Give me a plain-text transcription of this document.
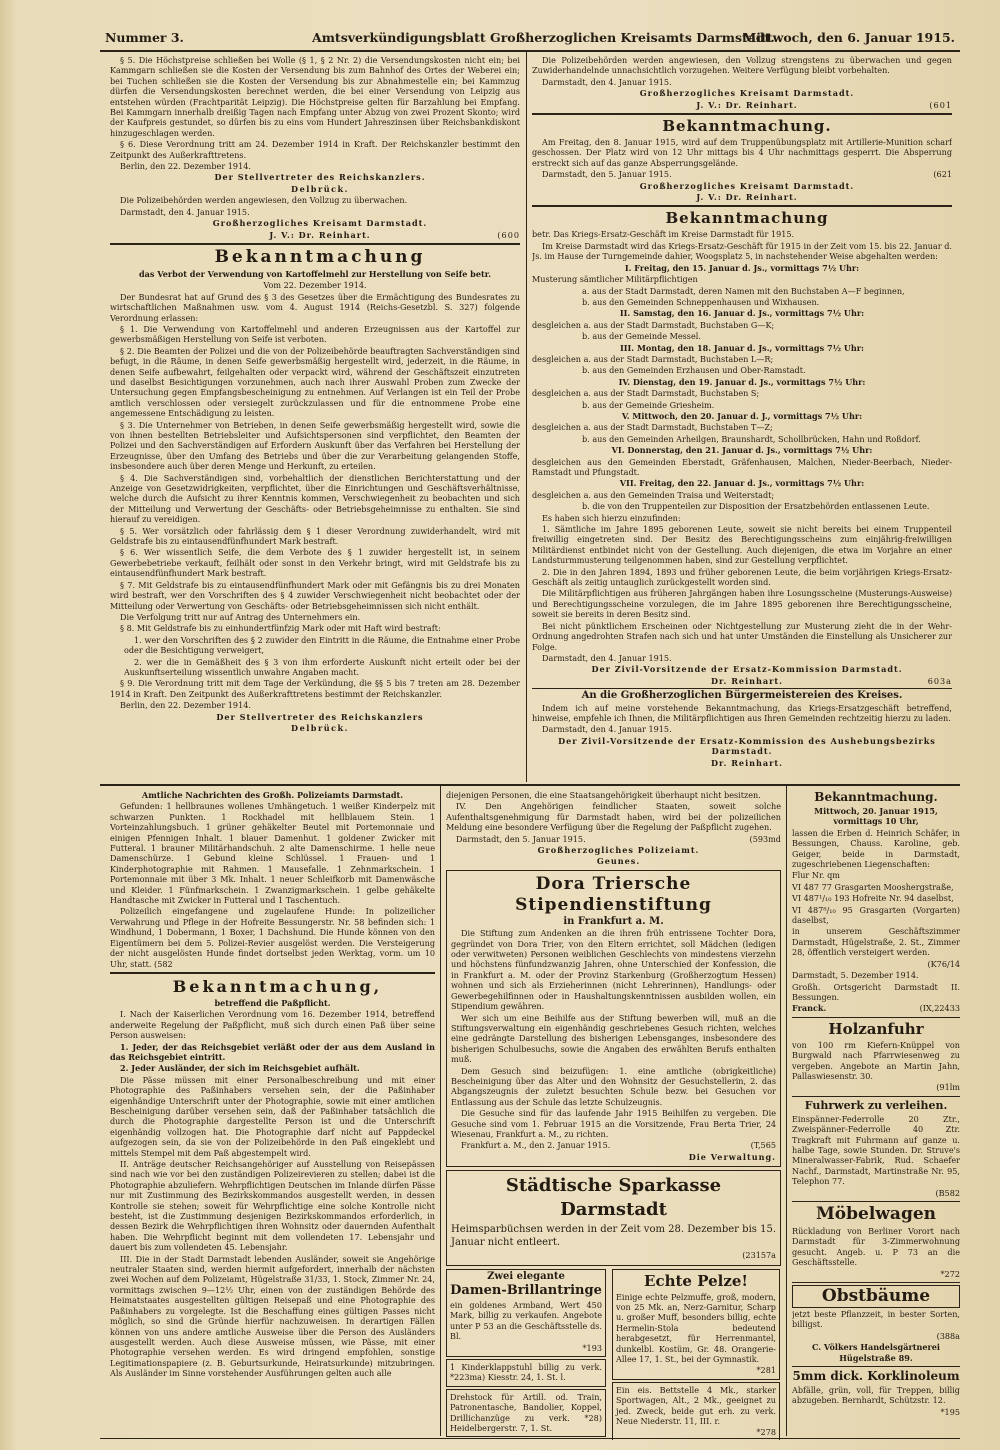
Nummer 3.	Amtsverkündigungsblatt Großherzoglichen Kreisamts Darmstadt.
Mittwoch, den 6. Januar 1915.

§ 5. Die Höchstpreise schließen bei Wolle (§ 1, § 2 Nr. 2) die Versendungskosten nicht ein; bei Kammgarn schließen sie die Kosten der Versendung bis zum Bahnhof des Ortes der Weberei ein; bei Tuchen schließen sie die Kosten der Versendung bis zur Abnahmestelle ein; bei Kammzug dürfen die Versendungskosten berechnet werden, die bei einer Versendung von Leipzig aus entstehen würden (Frachtparität Leipzig). Die Höchstpreise gelten für Barzahlung bei Empfang. Bei Kammgarn innerhalb dreißig Tagen nach Empfang unter Abzug von zwei Prozent Skonto; wird der Kaufpreis gestundet, so dürfen bis zu eins vom Hundert Jahreszinsen über Reichsbankdiskont hinzugeschlagen werden.

§ 6. Diese Verordnung tritt am 24. Dezember 1914 in Kraft. Der Reichskanzler bestimmt den Zeitpunkt des Außerkrafttretens.

Berlin, den 22. Dezember 1914.

Der Stellvertreter des Reichskanzlers.

Delbrück.

Die Polizeibehörden werden angewiesen, den Vollzug zu überwachen.

Darmstadt, den 4. Januar 1915.

Großherzogliches Kreisamt Darmstadt.

J. V.: Dr. Reinhart.	(600

Bekanntmachung

das Verbot der Verwendung von Kartoffelmehl zur Herstellung von Seife betr.

Vom 22. Dezember 1914.

Der Bundesrat hat auf Grund des § 3 des Gesetzes über die Ermächtigung des Bundesrates zu wirtschaftlichen Maßnahmen usw. vom 4. August 1914 (Reichs-Gesetzbl. S. 327) folgende Verordnung erlassen:

§ 1. Die Verwendung von Kartoffelmehl und anderen Erzeugnissen aus der Kartoffel zur gewerbsmäßigen Herstellung von Seife ist verboten.

§ 2. Die Beamten der Polizei und die von der Polizeibehörde beauftragten Sachverständigen sind befugt, in die Räume, in denen Seife gewerbsmäßig hergestellt wird, jederzeit, in die Räume, in denen Seife aufbewahrt, feilgehalten oder verpackt wird, während der Geschäftszeit einzutreten und daselbst Besichtigungen vorzunehmen, auch nach ihrer Auswahl Proben zum Zwecke der Untersuchung gegen Empfangsbescheinigung zu entnehmen. Auf Verlangen ist ein Teil der Probe amtlich verschlossen oder versiegelt zurückzulassen und für die entnommene Probe eine angemessene Entschädigung zu leisten.

§ 3. Die Unternehmer von Betrieben, in denen Seife gewerbsmäßig hergestellt wird, sowie die von ihnen bestellten Betriebsleiter und Aufsichtspersonen sind verpflichtet, den Beamten der Polizei und den Sachverständigen auf Erfordern Auskunft über das Verfahren bei Herstellung der Erzeugnisse, über den Umfang des Betriebs und über die zur Verarbeitung gelangenden Stoffe, insbesondere auch über deren Menge und Herkunft, zu erteilen.

§ 4. Die Sachverständigen sind, vorbehaltlich der dienstlichen Berichterstattung und der Anzeige von Gesetzwidrigkeiten, verpflichtet, über die Einrichtungen und Geschäftsverhältnisse, welche durch die Aufsicht zu ihrer Kenntnis kommen, Verschwiegenheit zu beobachten und sich der Mitteilung und Verwertung der Geschäfts- oder Betriebsgeheimnisse zu enthalten. Sie sind hierauf zu vereidigen.

§ 5. Wer vorsätzlich oder fahrlässig dem § 1 dieser Verordnung zuwiderhandelt, wird mit Geldstrafe bis zu eintausendfünfhundert Mark bestraft.

§ 6. Wer wissentlich Seife, die dem Verbote des § 1 zuwider hergestellt ist, in seinem Gewerbebetriebe verkauft, feilhält oder sonst in den Verkehr bringt, wird mit Geldstrafe bis zu eintausendfünfhundert Mark bestraft.

§ 7. Mit Geldstrafe bis zu eintausendfünfhundert Mark oder mit Gefängnis bis zu drei Monaten wird bestraft, wer den Vorschriften des § 4 zuwider Verschwiegenheit nicht beobachtet oder der Mitteilung oder Verwertung von Geschäfts- oder Betriebsgeheimnissen sich nicht enthält.

Die Verfolgung tritt nur auf Antrag des Unternehmers ein.

§ 8. Mit Geldstrafe bis zu einhundertfünfzig Mark oder mit Haft wird bestraft:

1. wer den Vorschriften des § 2 zuwider den Eintritt in die Räume, die Entnahme einer Probe oder die Besichtigung verweigert,

2. wer die in Gemäßheit des § 3 von ihm erforderte Auskunft nicht erteilt oder bei der Auskunftserteilung wissentlich unwahre Angaben macht.

§ 9. Die Verordnung tritt mit dem Tage der Verkündung, die §§ 5 bis 7 treten am 28. Dezember 1914 in Kraft. Den Zeitpunkt des Außerkrafttretens bestimmt der Reichskanzler.

Berlin, den 22. Dezember 1914.

Der Stellvertreter des Reichskanzlers

Delbrück.

Die Polizeibehörden werden angewiesen, den Vollzug strengstens zu überwachen und gegen Zuwiderhandelnde unnachsichtlich vorzugehen. Weitere Verfügung bleibt vorbehalten.

Darmstadt, den 4. Januar 1915.

Großherzogliches Kreisamt Darmstadt.

J. V.: Dr. Reinhart.	(601

Bekanntmachung.

Am Freitag, den 8. Januar 1915, wird auf dem Truppenübungsplatz mit Artillerie-Munition scharf geschossen. Der Platz wird von 12 Uhr mittags bis 4 Uhr nachmittags gesperrt. Die Absperrung erstreckt sich auf das ganze Absperrungsgelände.

Darmstadt, den 5. Januar 1915.	(621

Großherzogliches Kreisamt Darmstadt.

J. V.: Dr. Reinhart.

Bekanntmachung

betr. Das Kriegs-Ersatz-Geschäft im Kreise Darmstadt für 1915.

Im Kreise Darmstadt wird das Kriegs-Ersatz-Geschäft für 1915 in der Zeit vom 15. bis 22. Januar d. Js. im Hause der Turngemeinde dahier, Woogsplatz 5, in nachstehender Weise abgehalten werden:

I. Freitag, den 15. Januar d. Js., vormittags 7½ Uhr:

Musterung sämtlicher Militärpflichtigen

a. aus der Stadt Darmstadt, deren Namen mit den Buchstaben A—F beginnen,

b. aus den Gemeinden Schneppenhausen und Wixhausen.

II. Samstag, den 16. Januar d. Js., vormittags 7½ Uhr:

desgleichen a. aus der Stadt Darmstadt, Buchstaben G—K;

b. aus der Gemeinde Messel.

III. Montag, den 18. Januar d. Js., vormittags 7½ Uhr:

desgleichen a. aus der Stadt Darmstadt, Buchstaben L—R;

b. aus den Gemeinden Erzhausen und Ober-Ramstadt.

IV. Dienstag, den 19. Januar d. Js., vormittags 7½ Uhr:

desgleichen a. aus der Stadt Darmstadt, Buchstaben S;

b. aus der Gemeinde Griesheim.

V. Mittwoch, den 20. Januar d. J., vormittags 7½ Uhr:

desgleichen a. aus der Stadt Darmstadt, Buchstaben T—Z;

b. aus den Gemeinden Arheilgen, Braunshardt, Schollbrücken, Hahn und Roßdorf.

VI. Donnerstag, den 21. Januar d. Js., vormittags 7½ Uhr:

desgleichen aus den Gemeinden Eberstadt, Gräfenhausen, Malchen, Nieder-Beerbach, Nieder-Ramstadt und Pfungstadt.

VII. Freitag, den 22. Januar d. Js., vormittags 7½ Uhr:

desgleichen a. aus den Gemeinden Traisa und Weiterstadt;

b. die von den Truppenteilen zur Disposition der Ersatzbehörden entlassenen Leute.

Es haben sich hierzu einzufinden:

1. Sämtliche im Jahre 1895 geborenen Leute, soweit sie nicht bereits bei einem Truppenteil freiwillig eingetreten sind. Der Besitz des Berechtigungsscheins zum einjährig-freiwilligen Militärdienst entbindet nicht von der Gestellung. Auch diejenigen, die etwa im Vorjahre an einer Landsturmmusterung teilgenommen haben, sind zur Gestellung verpflichtet.

2. Die in den Jahren 1894, 1893 und früher geborenen Leute, die beim vorjährigen Kriegs-Ersatz-Geschäft als zeitig untauglich zurückgestellt worden sind.

Die Militärpflichtigen aus früheren Jahrgängen haben ihre Losungsscheine (Musterungs-Ausweise) und Berechtigungsscheine vorzulegen, die im Jahre 1895 geborenen ihre Berechtigungsscheine, soweit sie bereits in deren Besitz sind.

Bei nicht pünktlichem Erscheinen oder Nichtgestellung zur Musterung zieht die in der Wehr-Ordnung angedrohten Strafen nach sich und hat unter Umständen die Einstellung als Unsicherer zur Folge.

Darmstadt, den 4. Januar 1915.

Der Zivil-Vorsitzende der Ersatz-Kommission Darmstadt.

Dr. Reinhart.	603a

An die Großherzoglichen Bürgermeistereien des Kreises.

Indem ich auf meine vorstehende Bekanntmachung, das Kriegs-Ersatzgeschäft betreffend, hinweise, empfehle ich Ihnen, die Militärpflichtigen aus Ihren Gemeinden rechtzeitig hierzu zu laden.

Darmstadt, den 4. Januar 1915.

Der Zivil-Vorsitzende der Ersatz-Kommission des Aushebungsbezirks Darmstadt.

Dr. Reinhart.

Amtliche Nachrichten des Großh. Polizeiamts Darmstadt.

Gefunden: 1 hellbraunes wollenes Umhängetuch. 1 weißer Kinderpelz mit schwarzen Punkten. 1 Rockhadel mit hellblauem Stein. 1 Vorteinzahlungsbuch. 1 grüner gehäkelter Beutel mit Portemonnaie und einigen Pfennigen Inhalt. 1 blauer Damenhut. 1 goldener Zwicker mit Futteral. 1 brauner Militärhandschuh. 2 alte Damenschirme. 1 helle neue Damenschürze. 1 Gebund kleine Schlüssel. 1 Frauen- und 1 Kinderphotographie mit Rahmen. 1 Mausefalle. 1 Zehnmarkschein. 1 Portemonnaie mit über 3 Mk. Inhalt. 1 neuer Schleifkorb mit Damenwäsche und Kleider. 1 Fünfmarkschein. 1 Zwanzigmarkschein. 1 gelbe gehäkelte Handtasche mit Zwicker in Futteral und 1 Taschentuch.

Polizeilich eingefangene und zugelaufene Hunde: In polizeilicher Verwahrung und Pflege in der Hofreite Bessungerstr. Nr. 58 befinden sich: 1 Windhund, 1 Dobermann, 1 Boxer, 1 Dachshund. Die Hunde können von den Eigentümern bei dem 5. Polizei-Revier ausgelöst werden. Die Versteigerung der nicht ausgelösten Hunde findet dortselbst jeden Werktag, vorm. um 10 Uhr, statt. (582

Bekanntmachung,

betreffend die Paßpflicht.

I. Nach der Kaiserlichen Verordnung vom 16. Dezember 1914, betreffend anderweite Regelung der Paßpflicht, muß sich durch einen Paß über seine Person ausweisen:

1. Jeder, der das Reichsgebiet verläßt oder der aus dem Ausland in das Reichsgebiet eintritt.

2. Jeder Ausländer, der sich im Reichsgebiet aufhält.

Die Pässe müssen mit einer Personalbeschreibung und mit einer Photographie des Paßinhabers versehen sein, der die Paßinhaber eigenhändige Unterschrift unter der Photographie, sowie mit einer amtlichen Bescheinigung darüber versehen sein, daß der Paßinhaber tatsächlich die durch die Photographie dargestellte Person ist und die Unterschrift eigenhändig vollzogen hat. Die Photographie darf nicht auf Pappdeckel aufgezogen sein, da sie von der Polizeibehörde in den Paß eingeklebt und mittels Stempel mit dem Paß abgestempelt wird.

II. Anträge deutscher Reichsangehöriger auf Ausstellung von Reisepässen sind nach wie vor bei den zuständigen Polizeirevieren zu stellen; dabei ist die Photographie abzuliefern. Wehrpflichtigen Deutschen im Inlande dürfen Pässe nur mit Zustimmung des Bezirkskommandos ausgestellt werden, in dessen Kontrolle sie stehen; soweit für Wehrpflichtige eine solche Kontrolle nicht besteht, ist die Zustimmung desjenigen Bezirkskommandos erforderlich, in dessen Bezirk die Wehrpflichtigen ihren Wohnsitz oder dauernden Aufenthalt haben. Die Wehrpflicht beginnt mit dem vollendeten 17. Lebensjahr und dauert bis zum vollendeten 45. Lebensjahr.

III. Die in der Stadt Darmstadt lebenden Ausländer, soweit sie Angehörige neutraler Staaten sind, werden hiermit aufgefordert, innerhalb der nächsten zwei Wochen auf dem Polizeiamt, Hügelstraße 31/33, 1. Stock, Zimmer Nr. 24, vormittags zwischen 9—12½ Uhr, einen von der zuständigen Behörde des Heimatstaates ausgestellten gültigen Reisepaß und eine Photographie des Paßinhabers zu vorgelegte. Ist die Beschaffung eines gültigen Passes nicht möglich, so sind die Gründe hierfür nachzuweisen. In derartigen Fällen können von uns andere amtliche Ausweise über die Person des Ausländers ausgestellt werden. Auch diese Ausweise müssen, wie Pässe, mit einer Photographie versehen werden. Es wird dringend empfohlen, sonstige Legitimationspapiere (z. B. Geburtsurkunde, Heiratsurkunde) mitzubringen. Als Ausländer im Sinne vorstehender Ausführungen gelten auch alle

diejenigen Personen, die eine Staatsangehörigkeit überhaupt nicht besitzen.

IV. Den Angehörigen feindlicher Staaten, soweit solche Aufenthaltsgenehmigung für Darmstadt haben, wird bei der polizeilichen Meldung eine besondere Verfügung über die Regelung der Paßpflicht zugehen.

Darmstadt, den 5. Januar 1915.	(593md

Großherzogliches Polizeiamt.

Geunes.

Dora Triersche Stipendienstiftung

in Frankfurt a. M.

Die Stiftung zum Andenken an die ihren früh entrissene Tochter Dora, gegründet von Dora Trier, von den Eltern errichtet, soll Mädchen (ledigen oder verwitweten) Personen weiblichen Geschlechts von mindestens vierzehn und höchstens fünfundzwanzig Jahren, ohne Unterschied der Konfession, die in Frankfurt a. M. oder der Provinz Starkenburg (Großherzogtum Hessen) wohnen und sich als Erzieherinnen (nicht Lehrerinnen), Handlungs- oder Gewerbegehilfinnen oder in Haushaltungskenntnissen ausbilden wollen, ein Stipendium gewähren.

Wer sich um eine Beihilfe aus der Stiftung bewerben will, muß an die Stiftungsverwaltung ein eigenhändig geschriebenes Gesuch richten, welches eine gedrängte Darstellung des bisherigen Lebensganges, insbesondere des bisherigen Schulbesuchs, sowie die Angaben des erwählten Berufs enthalten muß.

Dem Gesuch sind beizufügen: 1. eine amtliche (obrigkeitliche) Bescheinigung über das Alter und den Wohnsitz der Gesuchstellerin, 2. das Abgangszeugnis der zuletzt besuchten Schule bezw. bei Gesuchen vor Entlassung aus der Schule das letzte Schulzeugnis.

Die Gesuche sind für das laufende Jahr 1915 Beihilfen zu vergeben. Die Gesuche sind vom 1. Februar 1915 an die Vorsitzende, Frau Berta Trier, 24 Wiesenau, Frankfurt a. M., zu richten.

Frankfurt a. M., den 2. Januar 1915.	(T,565

Die Verwaltung.

Städtische Sparkasse Darmstadt

Heimsparbüchsen werden in der Zeit vom 28. Dezember bis 15. Januar nicht entleert.

(23157a

Zwei elegante

Damen-Brillantringe

ein goldenes Armband, Wert 450 Mark, billig zu verkaufen. Angebote unter P 53 an die Geschäftsstelle ds. Bl.

*193

1 Kinderklappstuhl billig zu verk. *223ma) Kiesstr. 24, 1. St. l.

Drehstock für Artill. od. Train, Patronentasche, Bandolier, Koppel, Drillichanzüge zu verk. *28) Heidelbergerstr. 7, 1. St.

Echte Pelze!

Einige echte Pelzmuffe, groß, modern, von 25 Mk. an, Nerz-Garnitur, Scharp u. großer Muff, besonders billig, echte Hermelin-Stola bedeutend herabgesetzt, für Herrenmantel, dunkelbl. Kostüm, Gr. 48. Orangerie-Allee 17, 1. St., bei der Gymnastik.

*281

Ein eis. Bettstelle 4 Mk., starker Sportwagen, Alt., 2 Mk., geeignet zu jed. Zweck, beide gut erh. zu verk. Neue Niederstr. 11, III. r.

*278

Bekanntmachung.

Mittwoch, 20. Januar 1915, vormittags 10 Uhr,

lassen die Erben d. Heinrich Schäfer, in Bessungen, Chauss. Karoline, geb. Geiger, beide in Darmstadt, zugeschriebenen Liegenschaften:

Flur Nr. qm

VI 487 77 Grasgarten Mooshergstraße,

VI 487¹/₁₀ 193 Hofreite Nr. 94 daselbst,

VI 487⁸/₁₀ 95 Grasgarten (Vorgarten) daselbst,

in unserem Geschäftszimmer Darmstadt, Hügelstraße, 2. St., Zimmer 28, öffentlich versteigert werden.

(K76/14

Darmstadt, 5. Dezember 1914.

Großh. Ortsgericht Darmstadt II. Bessungen.

Franck.	(IX,22433

Holzanfuhr

von 100 rm Kiefern-Knüppel von Burgwald nach Pfarrwiesenweg zu vergeben. Angebote an Martin Jahn, Pallaswiesenstr. 30.

(91lm

Fuhrwerk zu verleihen.

Einspänner-Federrolle 20 Ztr., Zweispänner-Federrolle 40 Ztr. Tragkraft mit Fuhrmann auf ganze u. halbe Tage, sowie Stunden. Dr. Struve's Mineralwasser-Fabrik, Rud. Schaefer Nachf., Darmstadt, Martinstraße Nr. 95, Telephon 77.

(B582

Möbelwagen

Rückladung von Berliner Vorort nach Darmstadt für 3-Zimmerwohnung gesucht. Angeb. u. P 73 an die Geschäftsstelle.

*272

Obstbäume

jetzt beste Pflanzzeit, in bester Sorten, billigst.

(388a

C. Völkers Handelsgärtnerei Hügelstraße 89.

5mm dick. Korklinoleum

Abfälle, grün, voll, für Treppen, billig abzugeben. Bernhardt, Schützstr. 12.

*195
